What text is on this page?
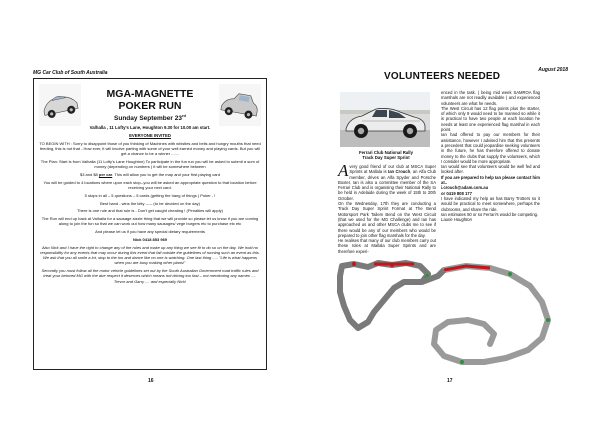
MG Car Club of South Australia
MGA-MAGNETTE
POKER RUN
Sunday September 23rd
Valhalla , 11 Lofty's Lane, Houghton 9.30 for 10.00 am start.
EVERYONE INVITED

TO BEGIN WITH : Sorry to disappoint those of you thinking of Machines with whistles and bells and hungry mouths that need feeding, this is not that - How ever, it will involve parting with some of your well earned money and playing cards. But you will get a chance to be a winner .......

The Plan: Start is from Valhalla (11 Lofty's Lane Houghton) To participate in the fun run you will be asked to submit a sum of money (depending on numbers ) it will be somewhere between

$3 and $8 per car. This will allow you to get the map and your first playing card

You will be guided to 4 locations where upon each stop--you will be asked an appropriate question to that location before receiving your next card.

5 stops in all – 5 questions – 5 cards (getting the hang of things ) Poker - !

Best hand - wins the kitty ----- (to be decided on the day)

There is one rule and that rule is - Don't get caught cheating ! (Penalties will apply)

The Run will end up back at Valhalla for a sausage sizzle thing that we will provide so please let us know if you are coming along to join the fun so that we can work out how many sausages/ vege burgers etc to purchase etc etc

And please let us if you have any special dietary requirements

Nick 0418 853 969

Also Nick and I have the right to change any of the rules and make up any thing we see fit to do so on the day. We hold no responsibility for any events that may occur during this event that fall outside the guidelines of running such an event as this. We ask that you all smile a lot, stop to the loo and dance like no one is watching. One last thing ..... "Life is what happens when you are busy making other plans!"

Secondly you must follow all the motor vehicle guidelines set out by the South Australian Government road traffic rules and treat your beloved MG with the due respect it deserves which means not driving too fast – not mentioning any names ..... Trevor and Garry .... and especially Nick!

16
August 2018
17
VOLUNTEERS NEEDED
Ferrari Club National Rally
Track Day Super Sprint

Avery good friend of our club at MSCA Super Sprints at Mallala is Ian Crouch, an Alfa Club member, drives an Alfa Spyder and Porsche Boxter. Ian is also a committee member of the SA Ferrari Club and is organising their National Rally to be held in Adelaide during the week of 15th to 20th October.

On the Wednesday, 17th they are conducting a Track Day Super Sprint Format at The Bend Motorsport Park Tailem Bend on the West Circuit (that we used for the MG Challenge) and Ian has approached us and other MSCA clubs me to see if there would be any of our members who would be prepared to join other flag marshals for the day.

He realises that many of our club members carry out these roles at Mallala Super Sprints and are therefore experi-

enced in the task. ( being mid week SAMROA flag marshals are not readily available ) and experienced volunteers are what he needs.

The West Circuit has 12 flag points plus the starter, of which only 9 would need to be manned so while it is practical to have two people at each location he needs at least one experienced flag marshal in each point.

Ian had offered to pay our members for their assistance, however I advised him that this presents a precedent that could jeopardise seeking volunteers in the future, he has therefore offered to donate money to the clubs that supply the volunteers, which I consider would be more appropriate.

Ian would see that volunteers would be well fed and looked after.

If you are prepared to help Ian please contact him at..
i.crouch@adam.com.au
or 0419 808 177

I have indicated my help as has Barry Trotters so it would be practical to meet somewhere, perhaps the clubrooms, and share the ride.

Ian estimates 50 or so Ferrari's would be competing.

Laurie Houghton
